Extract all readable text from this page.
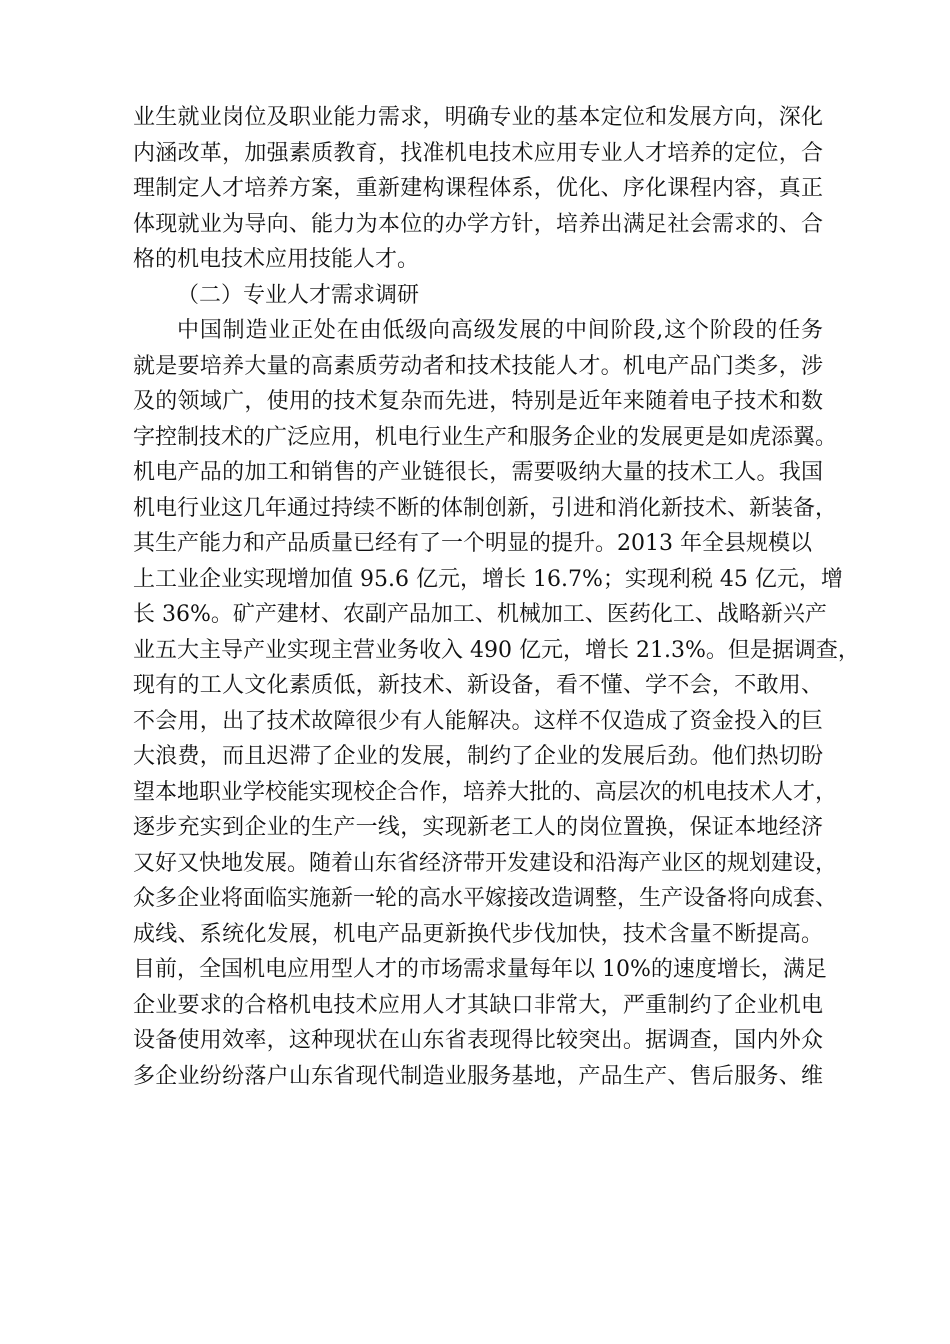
业生就业岗位及职业能力需求，明确专业的基本定位和发展方向，深化
内涵改革，加强素质教育，找准机电技术应用专业人才培养的定位，合
理制定人才培养方案，重新建构课程体系，优化、序化课程内容，真正
体现就业为导向、能力为本位的办学方针，培养出满足社会需求的、合
格的机电技术应用技能人才。
（二）专业人才需求调研
中国制造业正处在由低级向高级发展的中间阶段,这个阶段的任务
就是要培养大量的高素质劳动者和技术技能人才。机电产品门类多，涉
及的领域广，使用的技术复杂而先进，特别是近年来随着电子技术和数
字控制技术的广泛应用，机电行业生产和服务企业的发展更是如虎添翼。
机电产品的加工和销售的产业链很长，需要吸纳大量的技术工人。我国
机电行业这几年通过持续不断的体制创新，引进和消化新技术、新装备，
其生产能力和产品质量已经有了一个明显的提升。2013 年全县规模以
上工业企业实现增加值 95.6 亿元，增长 16.7%；实现利税 45 亿元，增
长 36%。矿产建材、农副产品加工、机械加工、医药化工、战略新兴产
业五大主导产业实现主营业务收入 490 亿元，增长 21.3%。但是据调查，
现有的工人文化素质低，新技术、新设备，看不懂、学不会，不敢用、
不会用，出了技术故障很少有人能解决。这样不仅造成了资金投入的巨
大浪费，而且迟滞了企业的发展，制约了企业的发展后劲。他们热切盼
望本地职业学校能实现校企合作，培养大批的、高层次的机电技术人才，
逐步充实到企业的生产一线，实现新老工人的岗位置换，保证本地经济
又好又快地发展。随着山东省经济带开发建设和沿海产业区的规划建设，
众多企业将面临实施新一轮的高水平嫁接改造调整，生产设备将向成套、
成线、系统化发展，机电产品更新换代步伐加快，技术含量不断提高。
目前，全国机电应用型人才的市场需求量每年以 10%的速度增长，满足
企业要求的合格机电技术应用人才其缺口非常大，严重制约了企业机电
设备使用效率，这种现状在山东省表现得比较突出。据调查，国内外众
多企业纷纷落户山东省现代制造业服务基地，产品生产、售后服务、维
